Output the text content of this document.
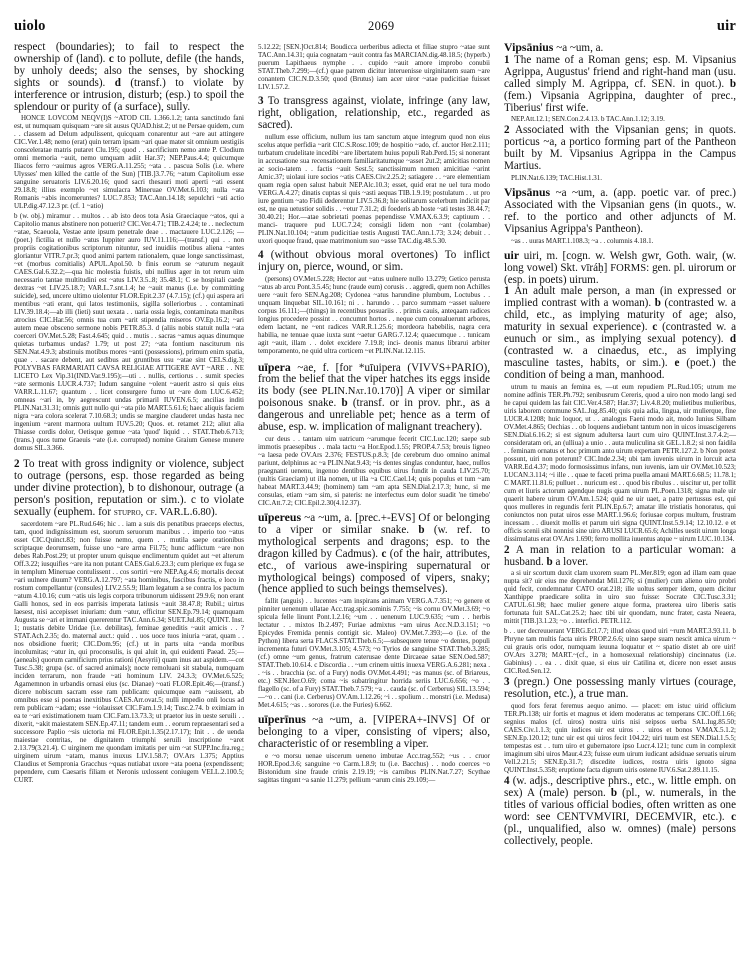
uiolo	2069	uir

respect (boundaries); to fail to respect the ownership of (land). c to pollute, defile (the hands, by unholy deeds; also the senses, by shocking sights or sounds). d (transf.) to violate by interference or intrusion, disturb; (esp.) to spoil the splendour or purity of (a surface), sully.

HONCE LOVCOM NEQV(I)S ~ATOD CIL 1.366.1.2; tanta sanctitudo fani est, ut numquam quisquam ~are sit ausus QUAD.hist.2; ut ne Persae quidem, cum . . classem ad Delum adpulissent, quicquam conarentur aut ~are aut attingere CIC.Ver.1.48; nemo (erat) quin terram ipsam ~ari quae mater sit omnium uestigiis consceleratae matris putaret Clu.195; quod . . sacrificium nemo ante P. Clodium omni memoria ~auit, nemo umquam adiit Har.37; NEP.Paus.4.4; quicumque Iliacos ferro ~auimus agros VERG.A.11.255; ~ata . . pascua Solis (i.e. where Ulysses' men killed the cattle of the Sun) [TIB.]3.7.76; ~atum Capitolium esse sanguine seruatoris LIV.6.20.16; quod sacri thesauri moti aperti ~ati essent 29.18.8; illius exemplo ~et simulacra Mineruae OV.Met.6.103; nulla ~ata Romanis ~abis incomeruntes? LUC.7.853; TAC.Ann.14.18; sepulchri ~ati actio ULP.dig.47.12.3 pr. (cf. 1 ~atio)

b (w. obj.) miramur . . multos . . ab isto deos tota Asia Graeciaque ~atos, qui a Capitolio manus abstinere non potuerit? CIC.Ver.4.71; TIB.2.4.24; te . . neclectum ~atae, Scaeuola, Vestae ante ipsum penetrale deae . . mactauere LUC.2.126; —(poet.) fictilia et nullo ~atus Iuppiter auro IUV.11.116;—(transf.) qui . . non propriis cogitationibus scriptorum nituntur, sed inuidiis motibus aliena ~antes gloriantur VITR.7.pr.3; quod animi partem rationalem, quae longe sanctissimast, ~et (morbus comitialis) APUL.Apol.50. b finis eorum se ~aturum negauit CAES.Gal.6.32.2;—qua hic molestia fuistis, ubi nullius ager in tot rerum uim necessario tantae multitudini est ~atus LIV.3.5..8; 35.48.1; C se hospitali caede dextras ~et LIV.25.18.7; VAR.L.7.snt.1.4; he ~auit manus (i.e. by committing suicide), sed, uncere ultimo uiolentur FLOR.Epit.2.37 (4.7.15); (cf.) qui aspera ari mentibus ~ati erant, qui latos testimoniis, sigilla solleriorbus . . contaminati LIV.39.18.4;—ab illi (lieti) suut uexata . . uaria ossia legis, contaminata manibus atrocius CIC.Har.56; omnis tua cum ~arit stipendia miseros OV.Ep.16.2; ~ari autem meae obsceno sermone nobis PETR.85.3. d (aliis nobis statuit nulla ~ata coerceri OV.Met.5.28; Fast.4.645; quid . . mutis . . sacras ~amus aquas dinumque quietas turbamus undas? 1.79; ut post 27; ~ata fontium nasciturum nis SEN.Nat.4.9.3; abstinuis motibus mores ~anti (possessions), primum enim spatia, quae . . sacare debent, aut sedibus aut gruntibus usu ~atae sint CELS.dig.3; POLYVBAS FARMARIATI CAVSA RELIGIAE ATTIGERE AVT ~ARE . . NE LICETO Lex Vip.31(IND.Var.9.195);—uti . . nullis, certiorus . . sumit species ~ate sermonis LUCR.4.737; Iudum sanguine ~olent ~auerit astro si quis eius VARR.L.11.67; quantum . . licet consurgere fumo ut ~are dom LUC.6.452; omneas ~ari in, by aegrescunt undas primaril IUVEN.6.5; ancilias inditi PLIN.Nat.31.31; omnis gutt nullo qui ~ata pilo MART.5.61.6; haec aliquis faciem nigra ~ara colora scelerat 7.10.68.3; undis se margine clauderet undas hasta nec ingenium ~arent marmora uultum IUV.5.20; Quos. et. retamet 212; aliut alia Thiasse cordis dolor, Oetisque gemue ~ata 'quod' liquid . . STAT.Theb.6.713; (trans.) quos tume Graeuis ~ate (i.e. corrupted) nomine Graium Genese munere domus SIL.3.366.

2 To treat with gross indignity or violence, subject to outrage (persons, esp. those regarded as being under divine protection), b to dishonour, outrage (a person's position, reputation or sim.). c to violate sexually (euphem. for stupro, cf. VAR.L.6.80).

sacerdotem ~are PL.Rud.646; hic . . iam a suis dis penatibus praeceps electus, tam, quod indignissimum est, suorum seruorum manibus . . imperio too ~atus esset CIC.Quinct.83; non fuisse nemo, quem . . mutila saepe orationibus scriptaque deorumsem, fuisse uno ~are arma Fil.75; hunc adflictum ~are non debes Rab.Post.29; ut propter unum quisque enclimentum quidet aut ~et alterum Off.3.22; iusquifies ~are ita non putant CAES.Gal.6.23.3; cum plerique ex fuga se in templum Mineruae contulissent . . cos sortiri ~ere NEP.Ag.4.6; mortalis deceat ~ari uulnere diuum? VERG.A.12.797; ~ata hominibus, fascibus fractis, e loco in rostum compellantur (consules) LIV.2.55.9; Illam legatum a se contra los pactum ~atum 4.10.16; cum ~atis uis legis corpora tribunorum uidissent 29.9.6; non erant Galli honos, sed in eos parrisis imperata latiusis ~auit 38.47.8; Rubil.; uirtus laesest, nisi accepisset iniuriam: dum ~atur, efficitur SEN.Ep.79.14; quamquam Augusta se ~ari et immani quererentur TAC.Ann.6.34; SUET.Jul.85; QUINT. Inst. 1; nustatis debite Uridae (i.e. debilitas), feminae geneditis ~auit amicis . . ? STAT.Ach.2.35; do. maternal auct.: quid . . uos uoce tuos iniuria ~arat, quam . . nos obsidione fuerit; CIC.Dom.95; (cf.) ut in parts uita ~anda moribus incolumitas; ~atur in, qui proconsulis, is qui aluit in, qui euidenti Paead. 25;—(aeneals) quorum carnificium prius rationi (Aesyrii) quam inus aut aspidem.—cot Tusc.5.38; grupa (sc. of sacred animals); nocte remoluani sit stabula, numquam inciden terrarum, non fraude ~ati hominum LIV. 24.3.3; OV.Met.6.525; Agamemnon in urbandis ornasi eius (sc. Dianae) ~oati FLOR.Epit.46;—(transf.) dicere nobiscum sacram esse ram publicam: quicumque eam ~auissent, ab omnibus esse si poenas inexitibus CAES.Arr.ovat.5; nulli impedio onli locus ad rem publicam ~adam; esse ~iolauisset CIC.Fam.1.9.14; Tusc.2.74. b eximiam in ea te ~ari existimationem tuam CIC.Fam.13.73.3; ut praetor ius in ueste seruili . . dixerit, ~akit maiestatem SEN.Ep.47.11; tandem eum . . eorum repraesentari sed a successore Paplio ~sis uictoria mi FLOR.Epit.1.35(2.17.17); Init . . de uenda maiestae contritas, ne dignitatem triumphi seruili inscriptione ~aret 2.13.79(3.21.4). C uirginem me quondam imitatis per uim ~at SUPP.Inc.fra.reg.; uirginem uirum ~atam, manus inuxus LIV.1.58.7; OV.Ars 1.375; Apptius Claudius et Sempronia Gracchus ~quas nutiabat uxore ~ata poena (expendissent; pependere, cum Caesaris filiam et Neronis uxlossent coniugem VELL.2.100.5; CURT.

5.12.22; [SEN.]Oct.814; Boudicca uerberibus adiecta et filiae stupro ~atae sunt TAC.Ann.14.31; quia cognatam ~auit contra fas MARCIAN.dig.48.18.5; (hyperb.) puerum Lapithaeus nymphe . . cupido ~auit amore improbo conubii STAT.Theb.7.299;—(cf.) quae patrem dicitur interuenisse uirginitatem suam ~are conantem CIC.N.D.3.50; quod (Brutus) iam acer uiror ~atae pudicitiae fuisset LIV.1.57.2.

3 To transgress against, violate, infringe (any law, right, obligation, relationship, etc., regarded as sacred).

nullum esse officium, nullum ius tam sanctum atque integrum quod non eius scelus atque perfidia ~arit CIC.S.Rosc.109; de hospitio ~ado, cf. auctor Her.2.111; turbatum crudelitate incedibi ~are libertatem huius populi Rab.Perd.15; si nonerant in accusatione sua recensationem familiaritatumque ~asset 2ut.2; amicitias nomen ac socio-tatem . . factis ~auit Sest.5; sanctissimum nomen amicitiae ~arint Amic.37; uiolaui iure socios ~atis CAES.Civ.2.25.2; satiagere . . ~are elementiam quam regia open salust habuit NEP.Alc.10.3; esset, quid erat ne uel tura modo VERG.A.4.27; dinatis cuptas si quis ~asti aequas TIB.1.9.19; postulatum . . ut pro iure gentium ~ato Fidii dederentur LIV.5.36.8; hie solitarum scelerbum indiciit par est, ne qua uetustior solidis . . ~etur 7.31.2; di foederis ab hoste ~ati testes 38.44.7; 30.40.21; Hor.—atae sobrietati poenas pependisse V.MAX.6.3.9; captiuum . . manci- traquere pud LUC.7.24; consigli lidem non ~ant (colambae) PLIN.Nat.10.104; ~atum pudicitiae testis Augusti TAC.Ann.1.73; 3.24; debuit . . uxori quoque fraud, quae matrimonium suo ~asse TAC.dig.48.5.30.

4 (without obvious moral overtones) To inflict injury on, pierce, wound, or sim.

(persons) OV.Met.5.228; Hector aut ~atus uulnere nullo 13.279; Getico perusta ~atus ab arcu Pont.3.5.45; hunc (raude eum) corusis . . aggredi, quem non Achilles uere ~auit fero SEN.Ag.208; Cydonea ~atus harundine plumbum, Loctubus . . unquam linquebat SIL.10.161; ni . . harundo . . parco summam ~asset ualuere corpus 16.111;—(things) in recentibus posuariis . . primis cauis, anteqaam radices longius procedere possint . . concumnt hortos . . neque cum conualuerunt arbores, edem lactant, ne ~ent radices VAR.R.1.25.6; mordeora habebilis, nagra cera habilia, ne tenuae quae iuxta sunt ~aetur GARG.7.12.4; quaecumque . . tunicam agit ~auit, illam . . dolet excidere 7.19.8; inci- deonis manus librarui arbiter temporamento, ne quid ultra corticem ~et PLIN.Nat.12.115.

uīpera ~ae, f. [for *uīuipera (VIVVS+PARIO), from the belief that the viper hatches its eggs inside its body (see PLIN.Nat.10.170)] A viper or similar poisonous snake. b (transf. or in prov. phr., as a dangerous and unreliable pet; hence as a term of abuse, esp. w. implication of malignant treachery).

cur deus . . tantam uim uatricum ~arumque fecerit CIC.Luc.120; saepe sub immotis praesepibus . . mala tactu ~a Hor.Epod.1.55; PROP.4.7.53; breuis ligneo ~a laesa pede OV.Ars 2.376; FESTUS.p.8.3; [de cerebrum duo omnino animal pariunt, delphinus ac ~a PLIN.Nat.9.43; ~is dentes singlas conduntur, haec, nullos praegnanti uenenu, ingenuo dentibus equibus uirus fundit in cauda LIV.25.70; (uultis Graeciam) ut illa nomen, ut illa ~a CIC.Cael.14; quis populus et tum ~am habeat MART.3.44.9; (hominem) tam ~am apta SEN.Dial.2.17.3; hunc, si me consulas, etiam ~am sim, si pateris: ne interfectus eum dolor suadit 'ne timebo' CIC.Att.7.2; CIC.Epil.2.30(4.12.37).

uīpereus ~a ~um, a. [prec.+-EVS] Of or belonging to a viper or similar snake. b (w. ref. to mythological serpents and dragons; esp. to the dragon killed by Cadmus). c (of the hair, attributes, etc., of various awe-inspiring supernatural or mythological beings) composed of vipers, snaky; (hence applied to such beings themselves).

fallit (anguis) . . lucentes ~am inspirans animam VERG.A.7.351; ~o genere et pinniter uenenum ullatae Acc.trag.spic.sominis 7.755; ~is cornu OV.Met.3.69; ~o spicula felle linunt Pont.1.2.16; ~um . . uenenum LUC.9.635; ~um . . herbis lectatur . . mixtos Ib.2.497; Furiae admixtus ~am uirus Acc.N.D.3.151; ~o Epicydes Fremida pennis contigit sic. Maleo) OV.Met.7.393;—o (i.e. of the Python) libera serta FLACS.STAT.Theb.6.5;—subsequere tenue ~o dentes, populi incrementa futuri OV.Met.3.105; 4.573; ~o Tyrios de sanguine STAT.Theb.3.285; (cf.) omne ~um genus, fratrum caterusae dente Dircaeae satae SEN.Oed.587; STAT.Theb.10.614. c Discordia . . ~um crinem uittis inuexa VERG.A.6.281; nexa . . ~is . . bracchia (sc. of a Fury) nodis OV.Met.4.491; ~as manus (sc. of Briareus, etc.) SEN.Her.O.69; coma ~is subatringitur horrida seriis LUC.6.656; ~o . . flagello (sc. of a Fury) STAT.Theb.7.579; ~a . . cauda (sc. of Cerberus) SIL.13.594;—~o . . cani (i.e. Cerberus) OV.Am.1.12.26; ~i . . spolium . . monstri (i.e. Medusa) Met.4.615; ~as . . sorores (i.e. the Furies) 6.662.

uīperīnus ~a ~um, a. [VIPERA+-INVS] Of or belonging to a viper, consisting of vipers; also, characteristic of or resembling a viper.

e ~o morsu uenae uiscerum ueneno imbutae Acc.trag.552; ~us . . cruor HOR.Epod.3.6; sanguine ~o Carm.1.8.9; tu (i.e. Bacchus) . . nodo coerces ~o Bistonidum sine fraude crinis 2.19.19; ~is carnibus PLIN.Nat.7.27; Scythae sagittas tingunt ~a sanie 11.279; pellium ~arum cinis 29.109;—

Vipsānius ~a ~um, a.

1 The name of a Roman gens; esp. M. Vipsanius Agrippa, Augustus' friend and right-hand man (usu. called simply M. Agrippa, cf. SEN. in quot.). b (fem.) Vipsania Agrippina, daughter of prec., Tiberius' first wife.

NEP.Att.12.1; SEN.Con.2.4.13. b TAC.Ann.1.12; 3.19.

2 Associated with the Vipsanian gens; in quots. porticus ~a, a portico forming part of the Pantheon built by M. Vipsanius Agrippa in the Campus Martius.

PLIN.Nat.6.139; TAC.Hist.1.31.

Vipsānus ~a ~um, a. (app. poetic var. of prec.) Associated with the Vipsanian gens (in quots., w. ref. to the portico and other adjuncts of M. Vipsanius Agrippa's Pantheon).

~as . . uuras MART.1.108.3; ~a . . columnis 4.18.1.

uir uiri, m. [cogn. w. Welsh gwr, Goth. wair, (w. long vowel) Skt. vīráḥ] FORMS: gen. pl. uirorum or (esp. in poets) uirum.

1 An adult male person, a man (in expressed or implied contrast with a woman). b (contrasted w. a child, etc., as implying maturity of age; also, maturity in sexual experience). c (contrasted w. a eunuch or sim., as implying sexual potency). d (contrasted w. a cinaedus, etc., as implying masculine tastes, habits, or sim.). e (poet.) the condition of being a man, manhood.

utrum tu mauis an femina es, —ut eum repudiem PL.Rud.105; utrum me nomine adfinis TER.Ph.792; senibusrum Cereris, quod a uiro non modo langi sed he capui quidem las fait CIC.Ver.4.587; Har.37; Liv.4.8.20; mulietibus mulieribus, uiris laborem commune SAL.Jug.85.40; quis quia adia, lingua, uir mulierque, fine LUCR.4.1208; huic loquor, ut . . analogus Faeni modo ait, modo Iunius Silbam OV.Met.4.865; Oechias . . ob loquens audiebant tantum non in uicos inuascigerens SEN.Dial.6.16.2; si est signum adultersa laurt cum uiro QUINT.Inst.3.7.4.2;—consideratam ori, an (ulliua) a unio . . auta muliculina sit GEL.1.8.2; si non faidila . . feminam ornatus et hoc primum anto uirum expertam PETR.127.2. b Non potest possunt, uiri non poterunt? CIC.Inde.2.34; ubi tam iuvenis uirum in lorcuit acta VARR.Ed.4.37; modo formosissimus infans, nun iuvenis, iam uir OV.Met.10.523; LUCAN.3.114; ~i ille . . quae te faceti prima puella amaui MART.6.68.5; 11.78.1; C MART.11.81.6; pulluet . . nuricum est . . quod bis ribulus . . uiscitur ut, per tollit cum et liuris actorum agendque nugis quam uirum PL.Poen.1318; signa male uir quaerit habere uirum OV.Am.1.524; quid ne uir uaet, a patre pertussus est, qui quos mulleres in regundis ferit PLIN.Ep.6.7; amatar ille tristiatis honoratus, qui coniunctos non putat uiros esse MART.1.96.6; foriusae corpus multum, frustram incessam . . diuexit mollis et parum uiri signa QUINT.Inst.5.9.14; 12.10.12. e et officis scenii sibi nonnisi sine uiro ARUSI LUCR.65.6; Achilles uestit uirum longa dissimulatus erat OV.Ars 1.690; ferro mollita iuuentus atque ~ uirum LUC.10.134.

2 A man in relation to a particular woman: a husband. b a lover.

a si uir scortum duxit clam uxorem suam PL.Mer.819; egon ad illam eam quae nupta sit? uir eius me deprehendat Mil.1276; si (mulier) cum alieno uiro probri quid fecit, condemnatur CATO orat.218; ille uoltus semper idem, quem dicitur Xanthippe praedicare solita in uiro suo fuisse: Socrate CIC.Tusc.3.31; CATUL.61.98; haec mulier genere atque forma, praeterea uiro liberis satis fortunata fuit SAL.Cat.25.2; haec tibi uir quondam, nunc frater, casta Neaera, mittit [TIB.]3.1.23; ~o . . interfici. PETR.112.

b . . uer decreuuerant VERG.Ecl.7.7; illud oleas quod uiri ~rum MART.3.93.11. b Phryne tam multis facta uiris PROP.2.6.6; uino saepe suam nescit amica uirum ~ cui grauis oris odor, numquam ieuuna loquatur et ~ spatio distet ab ore uiri! OV.Ars 3.278; MART.~(cf., in a homosexual relationship) cincinnatus (i.e. Gabinius) . . ea . . dixit quae, si eius uir Catilina et, dicere non esset ausus CIC.Red.Sen.12.

3 (pregn.) One possessing manly virtues (courage, resolution, etc.), a true man.

quod fors ferat feremus aequo animo. — placet: em istuc uirid officium TER.Ph.138; uir fortis et magnus et idem moderatus ac temperans CIC.Off.1.66; segnius malos (cf. uiros) nostra uiris nisi seipsos uerba SAL.Iug.85.50; CAES.Civ.1.1.3; quin iudices uir est uiros . . uiros et bonos V.MAX.5.1.2; SEN.Ep.120.12; tunc uir est qui uiros fecit 104.22; uiri tuum est SEN.Dial.1.5.5; tempestas est . . tum uiro et gubernatore ipso Lucr.4.121; tunc cum in complexit imaginum sibi uiros Maur.4.23; fuisse eum uirum iudicant adsiduae seruatis uirum Vell.2.21.5; SEN.Ep.31.7; discedite iudices, rostra uiris ignoto signa QUINT.Inst.5.358; eruptione facta dignum uiris ostene IUV.6.Sat.2.89.11.15.

4 (w. adjs., descriptive phrs., etc., w. little emph. on sex) A (male) person. b (pl., w. numerals, in the titles of various official bodies, often written as one word: see CENTVMVIRI, DECEMVIR, etc.). c (pl., unqualified, also w. omnes) (male) persons collectively, people.
